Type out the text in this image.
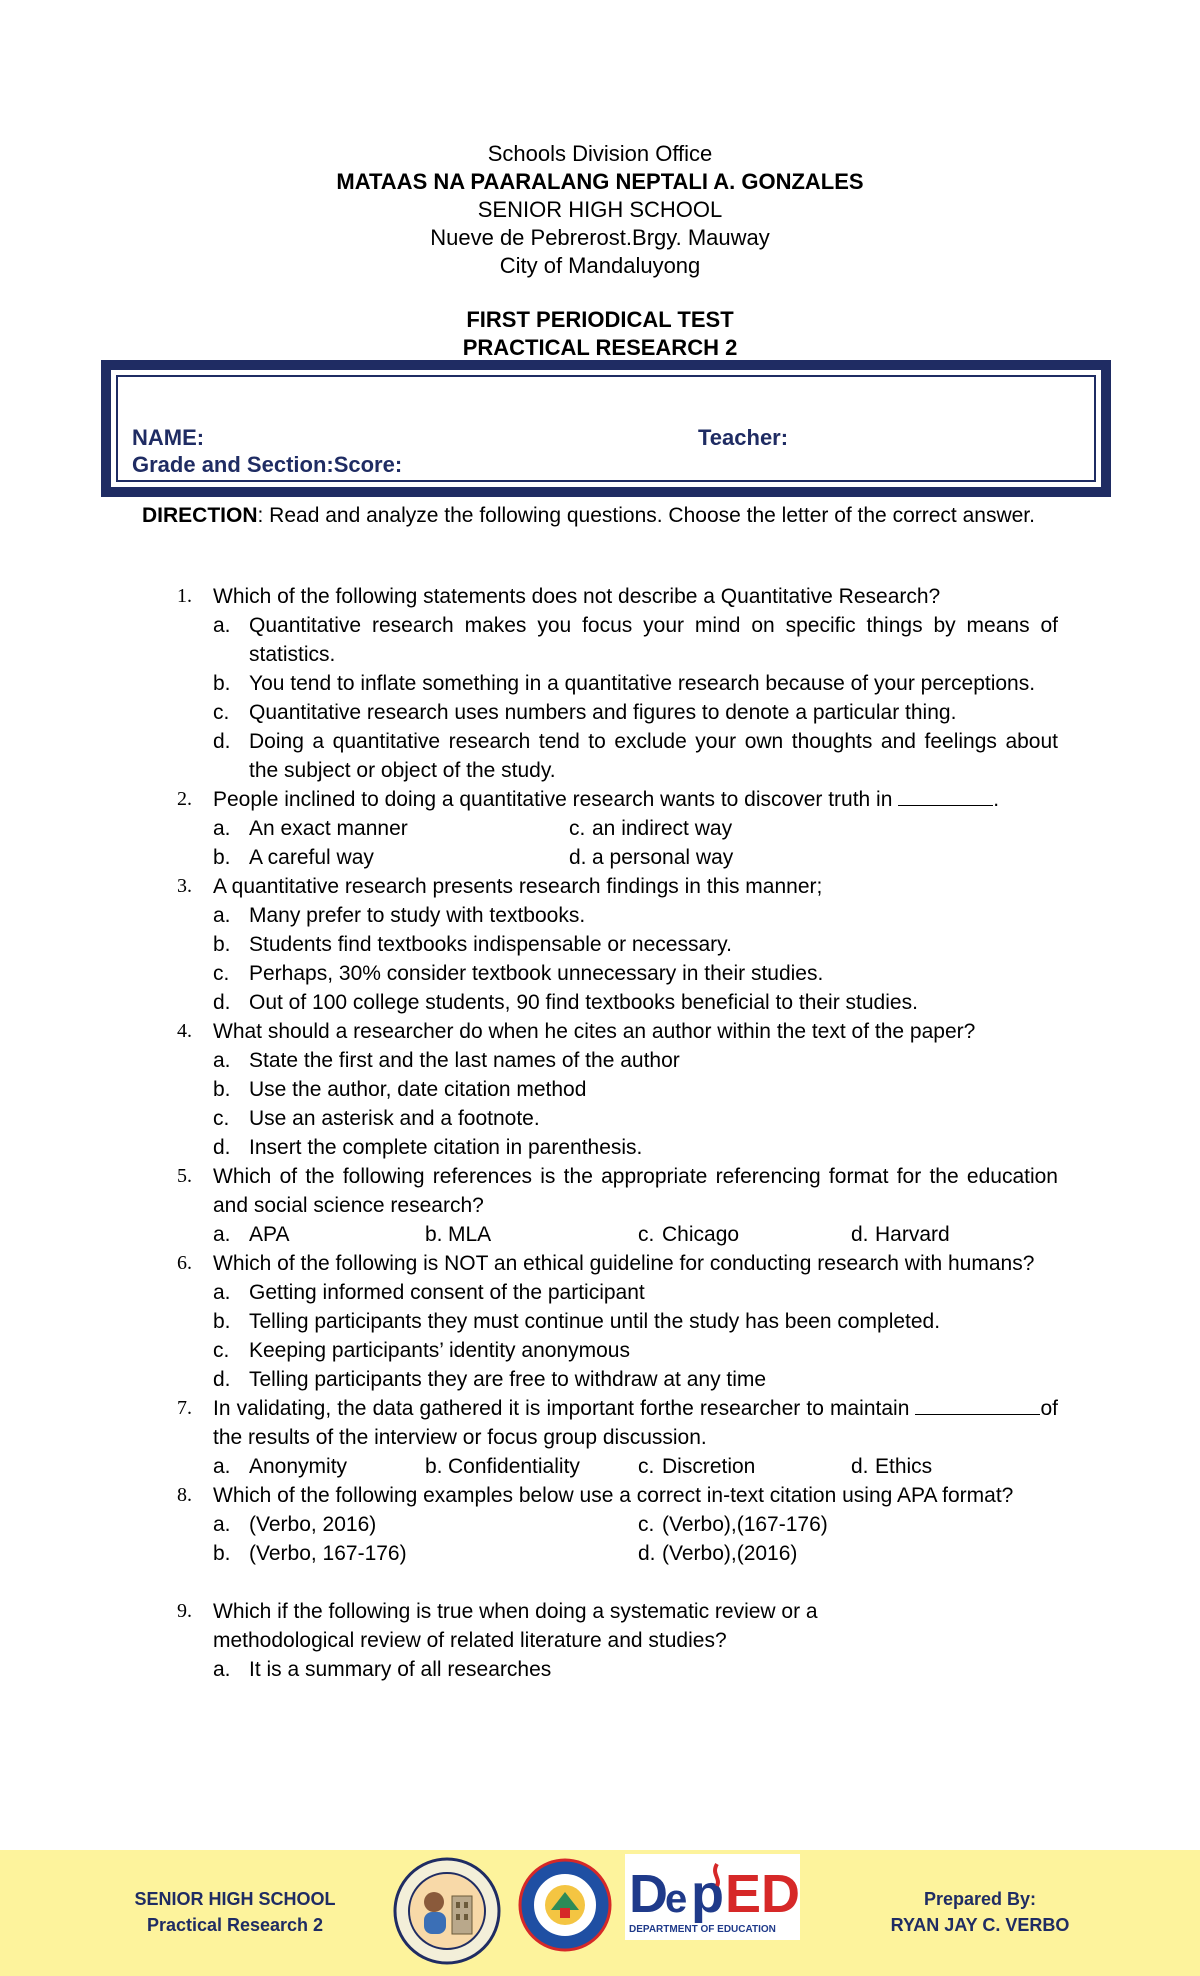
Schools Division Office
MATAAS NA PAARALANG NEPTALI A. GONZALES
SENIOR HIGH SCHOOL
Nueve de Pebrerost.Brgy. Mauway
City of Mandaluyong
FIRST PERIODICAL TEST
PRACTICAL RESEARCH 2
NAME:	Teacher:
Grade and Section:Score:
DIRECTION: Read and analyze the following questions. Choose the letter of the correct answer.
1. Which of the following statements does not describe a Quantitative Research?
a. Quantitative research makes you focus your mind on specific things by means of statistics.
b. You tend to inflate something in a quantitative research because of your perceptions.
c. Quantitative research uses numbers and figures to denote a particular thing.
d. Doing a quantitative research tend to exclude your own thoughts and feelings about the subject or object of the study.
2. People inclined to doing a quantitative research wants to discover truth in	.
a. An exact manner	c. an indirect way
b. A careful way	d. a personal way
3. A quantitative research presents research findings in this manner;
a. Many prefer to study with textbooks.
b. Students find textbooks indispensable or necessary.
c. Perhaps, 30% consider textbook unnecessary in their studies.
d. Out of 100 college students, 90 find textbooks beneficial to their studies.
4. What should a researcher do when he cites an author within the text of the paper?
a. State the first and the last names of the author
b. Use the author, date citation method
c. Use an asterisk and a footnote.
d. Insert the complete citation in parenthesis.
5. Which of the following references is the appropriate referencing format for the education and social science research?
a. APA	b. MLA	c. Chicago	d. Harvard
6. Which of the following is NOT an ethical guideline for conducting research with humans?
a. Getting informed consent of the participant
b. Telling participants they must continue until the study has been completed.
c. Keeping participants’ identity anonymous
d. Telling participants they are free to withdraw at any time
7. In validating, the data gathered it is important forthe researcher to maintain	of the results of the interview or focus group discussion.
a. Anonymity	b. Confidentiality	c. Discretion	d. Ethics
8. Which of the following examples below use a correct in-text citation using APA format?
a. (Verbo, 2016)	c. (Verbo),(167-176)
b. (Verbo, 167-176)	d. (Verbo),(2016)
9. Which if the following is true when doing a systematic review or a methodological review of related literature and studies?
a. It is a summary of all researches
SENIOR HIGH SCHOOL
Practical Research 2
D
e p ED
DEPARTMENT OF EDUCATION
Prepared By:
RYAN JAY C. VERBO
